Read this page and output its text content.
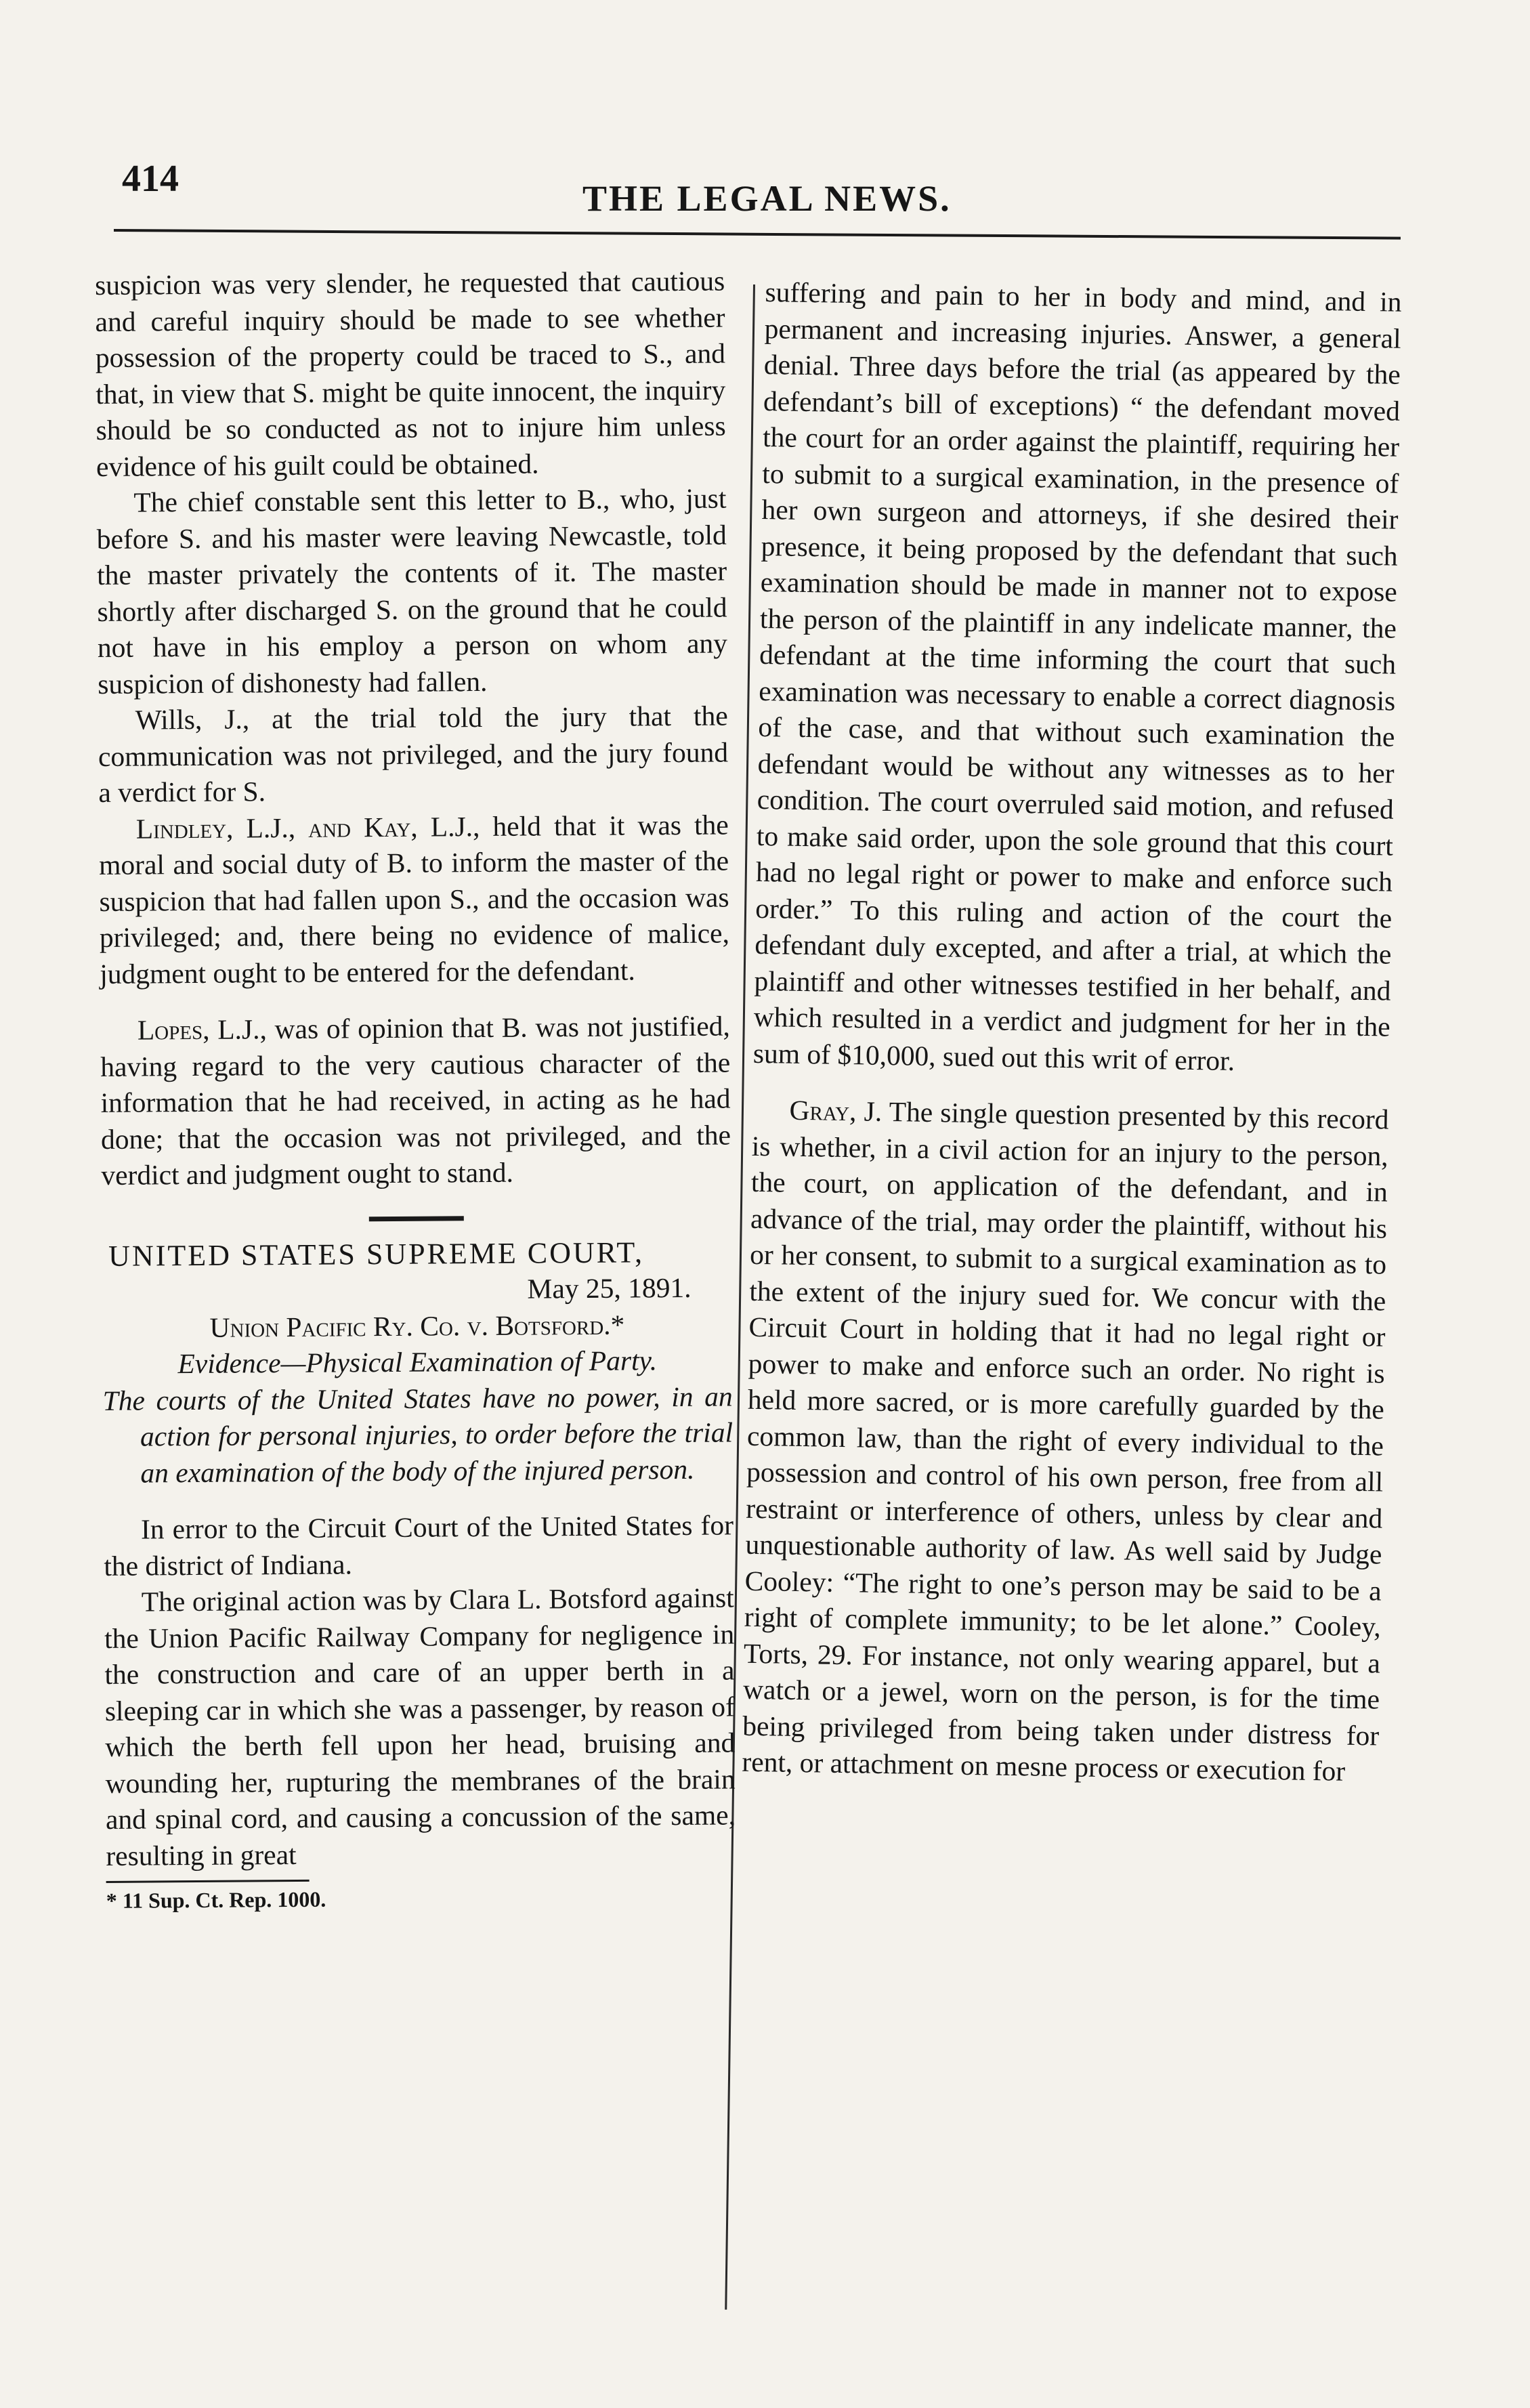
414	THE LEGAL NEWS.

suspicion was very slender, he requested that cautious and careful inquiry should be made to see whether possession of the property could be traced to S., and that, in view that S. might be quite innocent, the inquiry should be so conducted as not to injure him unless evidence of his guilt could be obtained.

The chief constable sent this letter to B., who, just before S. and his master were leaving Newcastle, told the master privately the contents of it. The master shortly after discharged S. on the ground that he could not have in his employ a person on whom any suspicion of dishonesty had fallen.

Wills, J., at the trial told the jury that the communication was not privileged, and the jury found a verdict for S.

Lindley, L.J., and Kay, L.J., held that it was the moral and social duty of B. to inform the master of the suspicion that had fallen upon S., and the occasion was privileged; and, there being no evidence of malice, judgment ought to be entered for the defendant.

Lopes, L.J., was of opinion that B. was not justified, having regard to the very cautious character of the information that he had received, in acting as he had done; that the occasion was not privileged, and the verdict and judgment ought to stand.

UNITED STATES SUPREME COURT,

May 25, 1891.

Union Pacific Ry. Co. v. Botsford.*

Evidence—Physical Examination of Party.

The courts of the United States have no power, in an action for personal injuries, to order before the trial an examination of the body of the injured person.

In error to the Circuit Court of the United States for the district of Indiana.

The original action was by Clara L. Botsford against the Union Pacific Railway Company for negligence in the construction and care of an upper berth in a sleeping car in which she was a passenger, by reason of which the berth fell upon her head, bruising and wounding her, rupturing the membranes of the brain and spinal cord, and causing a concussion of the same, resulting in great

* 11 Sup. Ct. Rep. 1000.

suffering and pain to her in body and mind, and in permanent and increasing injuries. Answer, a general denial. Three days before the trial (as appeared by the defendant’s bill of exceptions) “ the defendant moved the court for an order against the plaintiff, requiring her to submit to a surgical examination, in the presence of her own surgeon and attorneys, if she desired their presence, it being proposed by the defendant that such examination should be made in manner not to expose the person of the plaintiff in any indelicate manner, the defendant at the time informing the court that such examination was necessary to enable a correct diagnosis of the case, and that without such examination the defendant would be without any witnesses as to her condition. The court overruled said motion, and refused to make said order, upon the sole ground that this court had no legal right or power to make and enforce such order.” To this ruling and action of the court the defendant duly excepted, and after a trial, at which the plaintiff and other witnesses testified in her behalf, and which resulted in a verdict and judgment for her in the sum of $10,000, sued out this writ of error.

Gray, J. The single question presented by this record is whether, in a civil action for an injury to the person, the court, on application of the defendant, and in advance of the trial, may order the plaintiff, without his or her consent, to submit to a surgical examination as to the extent of the injury sued for. We concur with the Circuit Court in holding that it had no legal right or power to make and enforce such an order. No right is held more sacred, or is more carefully guarded by the common law, than the right of every individual to the possession and control of his own person, free from all restraint or interference of others, unless by clear and unquestionable authority of law. As well said by Judge Cooley: “The right to one’s person may be said to be a right of complete immunity; to be let alone.” Cooley, Torts, 29. For instance, not only wearing apparel, but a watch or a jewel, worn on the person, is for the time being privileged from being taken under distress for rent, or attachment on mesne process or execution for
